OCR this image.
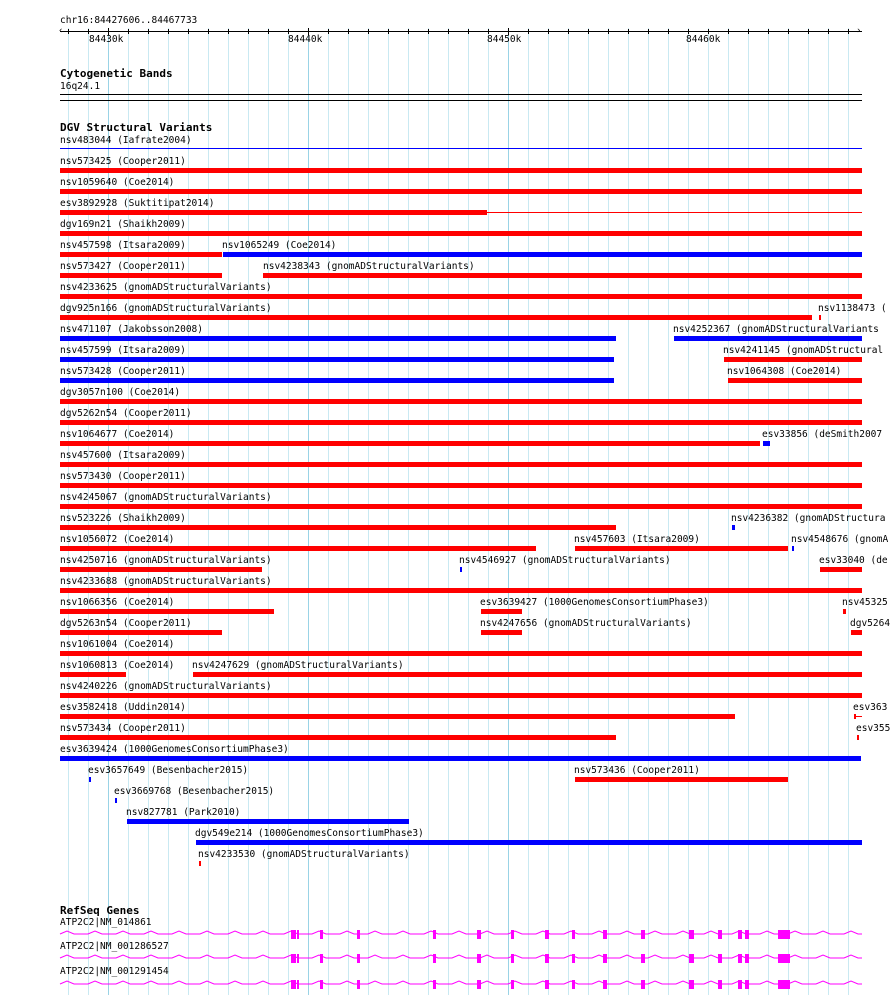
chr16:84427606..84467733
‹	›
84430k	84440k	84450k	84460k
Cytogenetic Bands
16q24.1
DGV Structural Variants
nsv483044 (Iafrate2004)
nsv573425 (Cooper2011)
nsv1059640 (Coe2014)
esv3892928 (Suktitipat2014)
dgv169n21 (Shaikh2009)
nsv457598 (Itsara2009)	nsv1065249 (Coe2014)
nsv573427 (Cooper2011)	nsv4238343 (gnomADStructuralVariants)
nsv4233625 (gnomADStructuralVariants)
dgv925n166 (gnomADStructuralVariants)	nsv1138473 (
nsv471107 (Jakobsson2008)	nsv4252367 (gnomADStructuralVariants
nsv457599 (Itsara2009)	nsv4241145 (gnomADStructural
nsv573428 (Cooper2011)	nsv1064308 (Coe2014)
dgv3057n100 (Coe2014)
dgv5262n54 (Cooper2011)
nsv1064677 (Coe2014)	esv33856 (deSmith2007
nsv457600 (Itsara2009)
nsv573430 (Cooper2011)
nsv4245067 (gnomADStructuralVariants)
nsv523226 (Shaikh2009)	nsv4236382 (gnomADStructura
nsv1056072 (Coe2014)	nsv457603 (Itsara2009)	nsv4548676 (gnomA
nsv4250716 (gnomADStructuralVariants)	nsv4546927 (gnomADStructuralVariants)	esv33040 (de
nsv4233688 (gnomADStructuralVariants)
nsv1066356 (Coe2014)	esv3639427 (1000GenomesConsortiumPhase3)	nsv45325
dgv5263n54 (Cooper2011)	nsv4247656 (gnomADStructuralVariants)	dgv5264
nsv1061004 (Coe2014)
nsv1060813 (Coe2014) nsv4247629 (gnomADStructuralVariants)
nsv4240226 (gnomADStructuralVariants)
esv3582418 (Uddin2014)	esv363
nsv573434 (Cooper2011)	esv355
esv3639424 (1000GenomesConsortiumPhase3)
esv3657649 (Besenbacher2015)	nsv573436 (Cooper2011)
esv3669768 (Besenbacher2015)
nsv827781 (Park2010)
dgv549e214 (1000GenomesConsortiumPhase3)
nsv4233530 (gnomADStructuralVariants)
RefSeq Genes
ATP2C2|NM_014861
ATP2C2|NM_001286527
ATP2C2|NM_001291454
